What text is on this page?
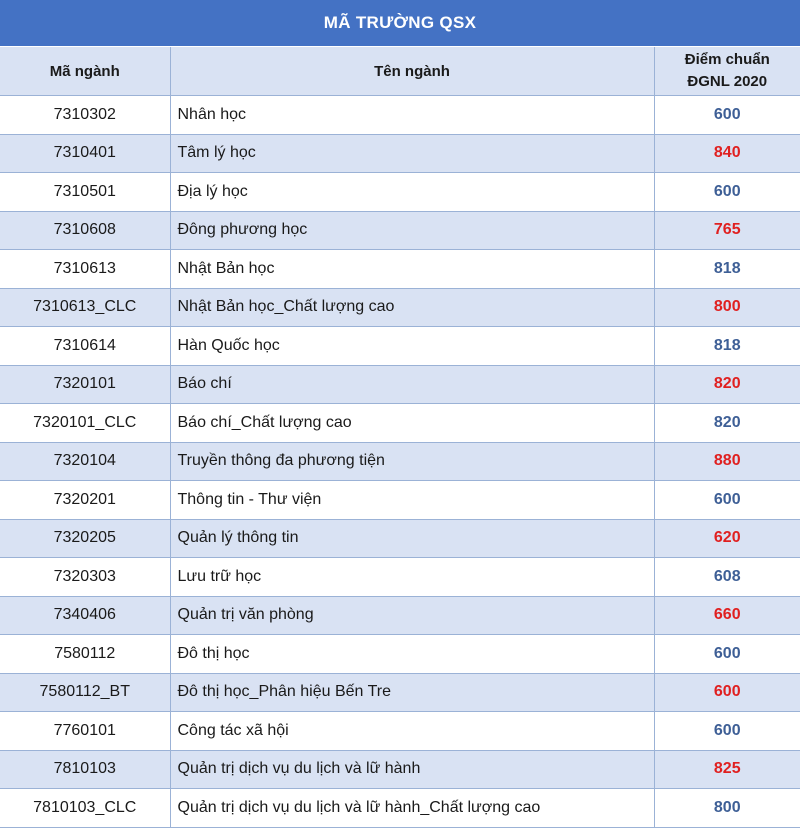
MÃ TRƯỜNG QSX
Mã ngành	Tên ngành	Điểm chuẩn
ĐGNL 2020

7310302	Nhân học	600
7310401	Tâm lý học	840
7310501	Địa lý học	600
7310608	Đông phương học	765
7310613	Nhật Bản học	818
7310613_CLC	Nhật Bản học_Chất lượng cao	800
7310614	Hàn Quốc học	818
7320101	Báo chí	820
7320101_CLC	Báo chí_Chất lượng cao	820
7320104	Truyền thông đa phương tiện	880
7320201	Thông tin - Thư viện	600
7320205	Quản lý thông tin	620
7320303	Lưu trữ học	608
7340406	Quản trị văn phòng	660
7580112	Đô thị học	600
7580112_BT	Đô thị học_Phân hiệu Bến Tre	600
7760101	Công tác xã hội	600
7810103	Quản trị dịch vụ du lịch và lữ hành	825
7810103_CLC	Quản trị dịch vụ du lịch và lữ hành_Chất lượng cao	800
